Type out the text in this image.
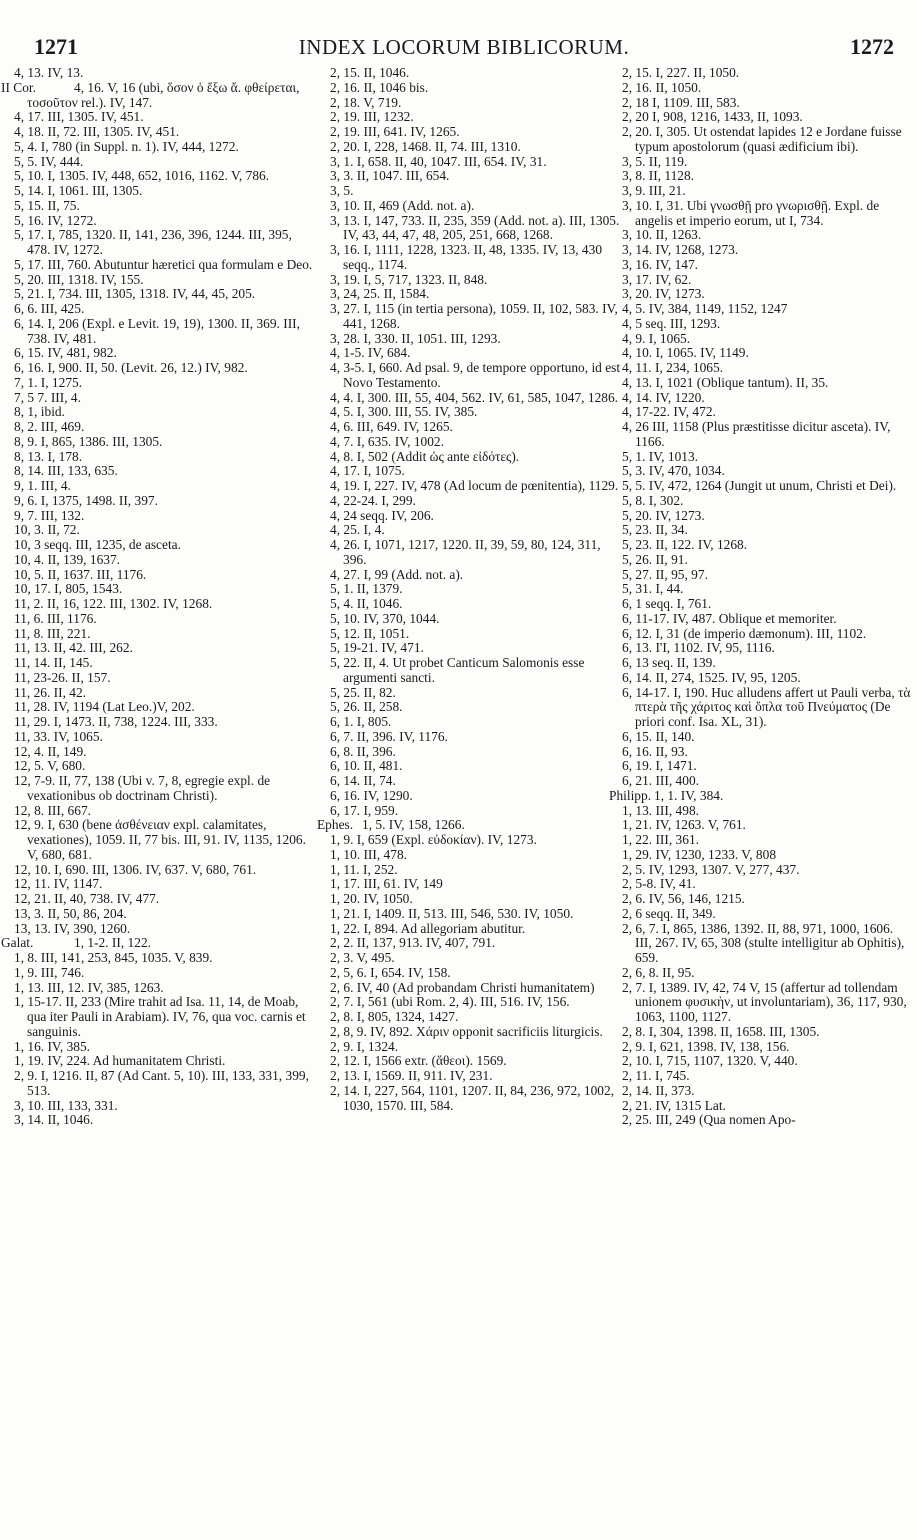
1271	INDEX LOCORUM BIBLICORUM.	1272
4, 13. IV, 13.
II Cor.	4, 16. V, 16 (ubi, ὅσον ὁ ἔξω ἄ. φθείρεται, τοσοῦτον rel.). IV, 147.
4, 17. III, 1305. IV, 451.
4, 18. II, 72. III, 1305. IV, 451.
5, 4. I, 780 (in Suppl. n. 1). IV, 444, 1272.
5, 5. IV, 444.
5, 10. I, 1305. IV, 448, 652, 1016, 1162. V, 786.
5, 14. I, 1061. III, 1305.
5, 15. II, 75.
5, 16. IV, 1272.
5, 17. I, 785, 1320. II, 141, 236, 396, 1244. III, 395, 478. IV, 1272.
5, 17. III, 760. Abutuntur hæretici qua formulam e Deo.
5, 20. III, 1318. IV, 155.
5, 21. I, 734. III, 1305, 1318. IV, 44, 45, 205.
6, 6. III, 425.
6, 14. I, 206 (Expl. e Levit. 19, 19), 1300. II, 369. III, 738. IV, 481.
6, 15. IV, 481, 982.
6, 16. I, 900. II, 50. (Levit. 26, 12.) IV, 982.
7, 1. I, 1275.
7, 5 7. III, 4.
8, 1, ibid.
8, 2. III, 469.
8, 9. I, 865, 1386. III, 1305.
8, 13. I, 178.
8, 14. III, 133, 635.
9, 1. III, 4.
9, 6. I, 1375, 1498. II, 397.
9, 7. III, 132.
10, 3. II, 72.
10, 3 seqq. III, 1235, de asceta.
10, 4. II, 139, 1637.
10, 5. II, 1637. III, 1176.
10, 17. I, 805, 1543.
11, 2. II, 16, 122. III, 1302. IV, 1268.
11, 6. III, 1176.
11, 8. III, 221.
11, 13. II, 42. III, 262.
11, 14. II, 145.
11, 23-26. II, 157.
11, 26. II, 42.
11, 28. IV, 1194 (Lat Leo.)V, 202.
11, 29. I, 1473. II, 738, 1224. III, 333.
11, 33. IV, 1065.
12, 4. II, 149.
12, 5. V, 680.
12, 7-9. II, 77, 138 (Ubi v. 7, 8, egregie expl. de vexationibus ob doctrinam Christi).
12, 8. III, 667.
12, 9. I, 630 (bene ἀσθένειαν expl. calamitates, vexationes), 1059. II, 77 bis. III, 91. IV, 1135, 1206. V, 680, 681.
12, 10. I, 690. III, 1306. IV, 637. V, 680, 761.
12, 11. IV, 1147.
12, 21. II, 40, 738. IV, 477.
13, 3. II, 50, 86, 204.
13, 13. IV, 390, 1260.
Galat.	1, 1-2. II, 122.
1, 8. III, 141, 253, 845, 1035. V, 839.
1, 9. III, 746.
1, 13. III, 12. IV, 385, 1263.
1, 15-17. II, 233 (Mire trahit ad Isa. 11, 14, de Moab, qua iter Pauli in Arabiam). IV, 76, qua voc. carnis et sanguinis.
1, 16. IV, 385.
1, 19. IV, 224. Ad humanitatem Christi.
2, 9. I, 1216. II, 87 (Ad Cant. 5, 10). III, 133, 331, 399, 513.
3, 10. III, 133, 331.
3, 14. II, 1046.
2, 15. II, 1046.
2, 16. II, 1046 bis.
2, 18. V, 719.
2, 19. III, 1232.
2, 19. III, 641. IV, 1265.
2, 20. I, 228, 1468. II, 74. III, 1310.
3, 1. I, 658. II, 40, 1047. III, 654. IV, 31.
3, 3. II, 1047. III, 654.
3, 5.
3, 10. II, 469 (Add. not. a).
3, 13. I, 147, 733. II, 235, 359 (Add. not. a). III, 1305. IV, 43, 44, 47, 48, 205, 251, 668, 1268.
3, 16. I, 1111, 1228, 1323. II, 48, 1335. IV, 13, 430 seqq., 1174.
3, 19. I, 5, 717, 1323. II, 848.
3, 24, 25. II, 1584.
3, 27. I, 115 (in tertia persona), 1059. II, 102, 583. IV, 441, 1268.
3, 28. I, 330. II, 1051. III, 1293.
4, 1-5. IV, 684.
4, 3-5. I, 660. Ad psal. 9, de tempore opportuno, id est Novo Testamento.
4, 4. I, 300. III, 55, 404, 562. IV, 61, 585, 1047, 1286.
4, 5. I, 300. III, 55. IV, 385.
4, 6. III, 649. IV, 1265.
4, 7. I, 635. IV, 1002.
4, 8. I, 502 (Addit ὡς ante εἰδότες).
4, 17. I, 1075.
4, 19. I, 227. IV, 478 (Ad locum de pœnitentia), 1129.
4, 22-24. I, 299.
4, 24 seqq. IV, 206.
4, 25. I, 4.
4, 26. I, 1071, 1217, 1220. II, 39, 59, 80, 124, 311, 396.
4, 27. I, 99 (Add. not. a).
5, 1. II, 1379.
5, 4. II, 1046.
5, 10. IV, 370, 1044.
5, 12. II, 1051.
5, 19-21. IV, 471.
5, 22. II, 4. Ut probet Canticum Salomonis esse argumenti sancti.
5, 25. II, 82.
5, 26. II, 258.
6, 1. I, 805.
6, 7. II, 396. IV, 1176.
6, 8. II, 396.
6, 10. II, 481.
6, 14. II, 74.
6, 16. IV, 1290.
6, 17. I, 959.
Ephes. 1, 5. IV, 158, 1266.
1, 9. I, 659 (Expl. εὐδοκίαν). IV, 1273.
1, 10. III, 478.
1, 11. I, 252.
1, 17. III, 61. IV, 149
1, 20. IV, 1050.
1, 21. I, 1409. II, 513. III, 546, 530. IV, 1050.
1, 22. I, 894. Ad allegoriam abutitur.
2, 2. II, 137, 913. IV, 407, 791.
2, 3. V, 495.
2, 5, 6. I, 654. IV, 158.
2, 6. IV, 40 (Ad probandam Christi humanitatem)
2, 7. I, 561 (ubi Rom. 2, 4). III, 516. IV, 156.
2, 8. I, 805, 1324, 1427.
2, 8, 9. IV, 892. Χάριν opponit sacrificiis liturgicis.
2, 9. I, 1324.
2, 12. I, 1566 extr. (ἄθεοι). 1569.
2, 13. I, 1569. II, 911. IV, 231.
2, 14. I, 227, 564, 1101, 1207. II, 84, 236, 972, 1002, 1030, 1570. III, 584.
2, 15. I, 227. II, 1050.
2, 16. II, 1050.
2, 18 I, 1109. III, 583.
2, 20 I, 908, 1216, 1433, II, 1093.
2, 20. I, 305. Ut ostendat lapides 12 e Jordane fuisse typum apostolorum (quasi ædificium ibi).
3, 5. II, 119.
3, 8. II, 1128.
3, 9. III, 21.
3, 10. I, 31. Ubi γνωσθῇ pro γνωρισθῇ. Expl. de angelis et imperio eorum, ut I, 734.
3, 10. II, 1263.
3, 14. IV, 1268, 1273.
3, 16. IV, 147.
3, 17. IV, 62.
3, 20. IV, 1273.
4, 5. IV, 384, 1149, 1152, 1247
4, 5 seq. III, 1293.
4, 9. I, 1065.
4, 10. I, 1065. IV, 1149.
4, 11. I, 234, 1065.
4, 13. I, 1021 (Oblique tantum). II, 35.
4, 14. IV, 1220.
4, 17-22. IV, 472.
4, 26 III, 1158 (Plus præstitisse dicitur asceta). IV, 1166.
5, 1. IV, 1013.
5, 3. IV, 470, 1034.
5, 5. IV, 472, 1264 (Jungit ut unum, Christi et Dei).
5, 8. I, 302.
5, 20. IV, 1273.
5, 23. II, 34.
5, 23. II, 122. IV, 1268.
5, 26. II, 91.
5, 27. II, 95, 97.
5, 31. I, 44.
6, 1 seqq. I, 761.
6, 11-17. IV, 487. Oblique et memoriter.
6, 12. I, 31 (de imperio dæmonum). III, 1102.
6, 13. I'I, 1102. IV, 95, 1116.
6, 13 seq. II, 139.
6, 14. II, 274, 1525. IV, 95, 1205.
6, 14-17. I, 190. Huc alludens affert ut Pauli verba, τὰ πτερὰ τῆς χάριτος καὶ ὅπλα τοῦ Πνεύματος (De priori conf. Isa. XL, 31).
6, 15. II, 140.
6, 16. II, 93.
6, 19. I, 1471.
6, 21. III, 400.
Philipp. 1, 1. IV, 384.
1, 13. III, 498.
1, 21. IV, 1263. V, 761.
1, 22. III, 361.
1, 29. IV, 1230, 1233. V, 808
2, 5. IV, 1293, 1307. V, 277, 437.
2, 5-8. IV, 41.
2, 6. IV, 56, 146, 1215.
2, 6 seqq. II, 349.
2, 6, 7. I, 865, 1386, 1392. II, 88, 971, 1000, 1606. III, 267. IV, 65, 308 (stulte intelligitur ab Ophitis), 659.
2, 6, 8. II, 95.
2, 7. I, 1389. IV, 42, 74 V, 15 (affertur ad tollendam unionem φυσικὴν, ut involuntariam), 36, 117, 930, 1063, 1100, 1127.
2, 8. I, 304, 1398. II, 1658. III, 1305.
2, 9. I, 621, 1398. IV, 138, 156.
2, 10. I, 715, 1107, 1320. V, 440.
2, 11. I, 745.
2, 14. II, 373.
2, 21. IV, 1315 Lat.
2, 25. III, 249 (Qua nomen Apo-
